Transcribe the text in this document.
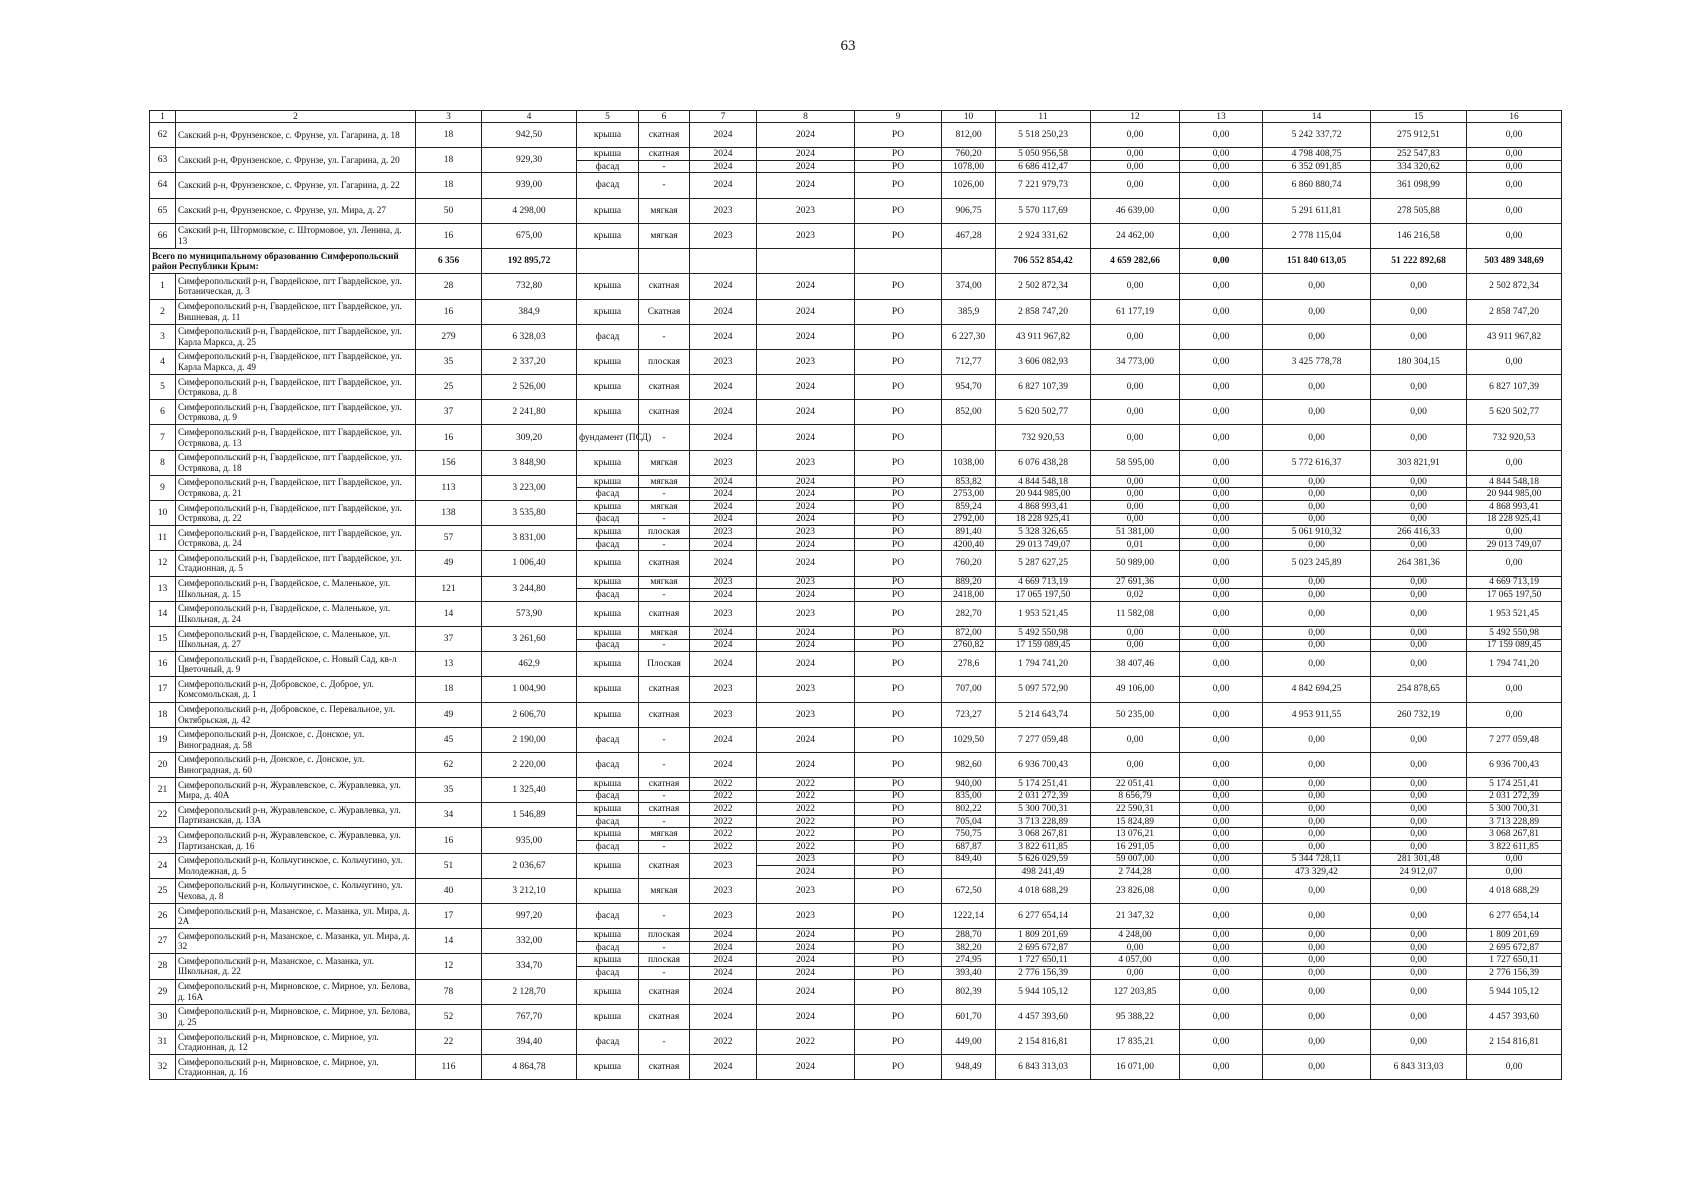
63
1	2	3	4	5	6	7	8	9	10	11	12	13	14	15	16
62	Сакский р-н, Фрунзенское, с. Фрунзе, ул. Гагарина, д. 18	18	942,50	крыша	скатная	2024	2024	РО	812,00	5 518 250,23	0,00	0,00	5 242 337,72	275 912,51	0,00
63	Сакский р-н, Фрунзенское, с. Фрунзе, ул. Гагарина, д. 20	18	929,30	крыша	скатная	2024	2024	РО	760,20	5 050 956,58	0,00	0,00	4 798 408,75	252 547,83	0,00
				фасад	-	2024	2024	РО	1078,00	6 686 412,47	0,00	0,00	6 352 091,85	334 320,62	0,00
64	Сакский р-н, Фрунзенское, с. Фрунзе, ул. Гагарина, д. 22	18	939,00	фасад	-	2024	2024	РО	1026,00	7 221 979,73	0,00	0,00	6 860 880,74	361 098,99	0,00
65	Сакский р-н, Фрунзенское, с. Фрунзе, ул. Мира, д. 27	50	4 298,00	крыша	мягкая	2023	2023	РО	906,75	5 570 117,69	46 639,00	0,00	5 291 611,81	278 505,88	0,00
66	Сакский р-н, Штормовское, с. Штормовое, ул. Ленина, д. 13	16	675,00	крыша	мягкая	2023	2023	РО	467,28	2 924 331,62	24 462,00	0,00	2 778 115,04	146 216,58	0,00
Всего по муниципальному образованию Симферопольский район Республики Крым:		6 356	192 895,72							706 552 854,42	4 659 282,66	0,00	151 840 613,05	51 222 892,68	503 489 348,69
1	Симферопольский р-н, Гвардейское, пгт Гвардейское, ул. Ботаническая, д. 3	28	732,80	крыша	скатная	2024	2024	РО	374,00	2 502 872,34	0,00	0,00	0,00	0,00	2 502 872,34
2	Симферопольский р-н, Гвардейское, пгт Гвардейское, ул. Вишневая, д. 11	16	384,9	крыша	Скатная	2024	2024	РО	385,9	2 858 747,20	61 177,19	0,00	0,00	0,00	2 858 747,20
3	Симферопольский р-н, Гвардейское, пгт Гвардейское, ул. Карла Маркса, д. 25	279	6 328,03	фасад	-	2024	2024	РО	6 227,30	43 911 967,82	0,00	0,00	0,00	0,00	43 911 967,82
4	Симферопольский р-н, Гвардейское, пгт Гвардейское, ул. Карла Маркса, д. 49	35	2 337,20	крыша	плоская	2023	2023	РО	712,77	3 606 082,93	34 773,00	0,00	3 425 778,78	180 304,15	0,00
5	Симферопольский р-н, Гвардейское, пгт Гвардейское, ул. Острякова, д. 8	25	2 526,00	крыша	скатная	2024	2024	РО	954,70	6 827 107,39	0,00	0,00	0,00	0,00	6 827 107,39
6	Симферопольский р-н, Гвардейское, пгт Гвардейское, ул. Острякова, д. 9	37	2 241,80	крыша	скатная	2024	2024	РО	852,00	5 620 502,77	0,00	0,00	0,00	0,00	5 620 502,77
7	Симферопольский р-н, Гвардейское, пгт Гвардейское, ул. Острякова, д. 13	16	309,20	фундамент (ПСД)	-	2024	2024	РО		732 920,53	0,00	0,00	0,00	0,00	732 920,53
8	Симферопольский р-н, Гвардейское, пгт Гвардейское, ул. Острякова, д. 18	156	3 848,90	крыша	мягкая	2023	2023	РО	1038,00	6 076 438,28	58 595,00	0,00	5 772 616,37	303 821,91	0,00
9	Симферопольский р-н, Гвардейское, пгт Гвардейское, ул. Острякова, д. 21	113	3 223,00	крыша	мягкая	2024	2024	РО	853,82	4 844 548,18	0,00	0,00	0,00	0,00	4 844 548,18
				фасад	-	2024	2024	РО	2753,00	20 944 985,00	0,00	0,00	0,00	0,00	20 944 985,00
10	Симферопольский р-н, Гвардейское, пгт Гвардейское, ул. Острякова, д. 22	138	3 535,80	крыша	мягкая	2024	2024	РО	859,24	4 868 993,41	0,00	0,00	0,00	0,00	4 868 993,41
				фасад	-	2024	2024	РО	2792,00	18 228 925,41	0,00	0,00	0,00	0,00	18 228 925,41
11	Симферопольский р-н, Гвардейское, пгт Гвардейское, ул. Острякова, д. 24	57	3 831,00	крыша	плоская	2023	2023	РО	891,40	5 328 326,65	51 381,00	0,00	5 061 910,32	266 416,33	0,00
				фасад	-	2024	2024	РО	4200,40	29 013 749,07	0,01	0,00	0,00	0,00	29 013 749,07
12	Симферопольский р-н, Гвардейское, пгт Гвардейское, ул. Стадионная, д. 5	49	1 006,40	крыша	скатная	2024	2024	РО	760,20	5 287 627,25	50 989,00	0,00	5 023 245,89	264 381,36	0,00
13	Симферопольский р-н, Гвардейское, с. Маленькое, ул. Школьная, д. 15	121	3 244,80	крыша	мягкая	2023	2023	РО	889,20	4 669 713,19	27 691,36	0,00	0,00	0,00	4 669 713,19
				фасад	-	2024	2024	РО	2418,00	17 065 197,50	0,02	0,00	0,00	0,00	17 065 197,50
14	Симферопольский р-н, Гвардейское, с. Маленькое, ул. Школьная, д. 24	14	573,90	крыша	скатная	2023	2023	РО	282,70	1 953 521,45	11 582,08	0,00	0,00	0,00	1 953 521,45
15	Симферопольский р-н, Гвардейское, с. Маленькое, ул. Школьная, д. 27	37	3 261,60	крыша	мягкая	2024	2024	РО	872,00	5 492 550,98	0,00	0,00	0,00	0,00	5 492 550,98
				фасад	-	2024	2024	РО	2760,82	17 159 089,45	0,00	0,00	0,00	0,00	17 159 089,45
16	Симферопольский р-н, Гвардейское, с. Новый Сад, кв-л Цветочный, д. 9	13	462,9	крыша	Плоская	2024	2024	РО	278,6	1 794 741,20	38 407,46	0,00	0,00	0,00	1 794 741,20
17	Симферопольский р-н, Добровское, с. Доброе, ул. Комсомольская, д. 1	18	1 004,90	крыша	скатная	2023	2023	РО	707,00	5 097 572,90	49 106,00	0,00	4 842 694,25	254 878,65	0,00
18	Симферопольский р-н, Добровское, с. Перевальное, ул. Октябрьская, д. 42	49	2 606,70	крыша	скатная	2023	2023	РО	723,27	5 214 643,74	50 235,00	0,00	4 953 911,55	260 732,19	0,00
19	Симферопольский р-н, Донское, с. Донское, ул. Виноградная, д. 58	45	2 190,00	фасад	-	2024	2024	РО	1029,50	7 277 059,48	0,00	0,00	0,00	0,00	7 277 059,48
20	Симферопольский р-н, Донское, с. Донское, ул. Виноградная, д. 60	62	2 220,00	фасад	-	2024	2024	РО	982,60	6 936 700,43	0,00	0,00	0,00	0,00	6 936 700,43
21	Симферопольский р-н, Журавлевское, с. Журавлевка, ул. Мира, д. 40А	35	1 325,40	крыша	скатная	2022	2022	РО	940,00	5 174 251,41	22 051,41	0,00	0,00	0,00	5 174 251,41
				фасад	-	2022	2022	РО	835,00	2 031 272,39	8 656,79	0,00	0,00	0,00	2 031 272,39
22	Симферопольский р-н, Журавлевское, с. Журавлевка, ул. Партизанская, д. 13А	34	1 546,89	крыша	скатная	2022	2022	РО	802,22	5 300 700,31	22 590,31	0,00	0,00	0,00	5 300 700,31
				фасад	-	2022	2022	РО	705,04	3 713 228,89	15 824,89	0,00	0,00	0,00	3 713 228,89
23	Симферопольский р-н, Журавлевское, с. Журавлевка, ул. Партизанская, д. 16	16	935,00	крыша	мягкая	2022	2022	РО	750,75	3 068 267,81	13 076,21	0,00	0,00	0,00	3 068 267,81
				фасад	-	2022	2022	РО	687,87	3 822 611,85	16 291,05	0,00	0,00	0,00	3 822 611,85
24	Симферопольский р-н, Кольчугинское, с. Кольчугино, ул. Молодежная, д. 5	51	2 036,67	крыша	скатная	2023	2023	РО	849,40	5 626 029,59	59 007,00	0,00	5 344 728,11	281 301,48	0,00
							2024	РО		498 241,49	2 744,28	0,00	473 329,42	24 912,07	0,00
25	Симферопольский р-н, Кольчугинское, с. Кольчугино, ул. Чехова, д. 8	40	3 212,10	крыша	мягкая	2023	2023	РО	672,50	4 018 688,29	23 826,08	0,00	0,00	0,00	4 018 688,29
26	Симферопольский р-н, Мазанское, с. Мазанка, ул. Мира, д. 2А	17	997,20	фасад	-	2023	2023	РО	1222,14	6 277 654,14	21 347,32	0,00	0,00	0,00	6 277 654,14
27	Симферопольский р-н, Мазанское, с. Мазанка, ул. Мира, д. 32	14	332,00	крыша	плоская	2024	2024	РО	288,70	1 809 201,69	4 248,00	0,00	0,00	0,00	1 809 201,69
				фасад	-	2024	2024	РО	382,20	2 695 672,87	0,00	0,00	0,00	0,00	2 695 672,87
28	Симферопольский р-н, Мазанское, с. Мазанка, ул. Школьная, д. 22	12	334,70	крыша	плоская	2024	2024	РО	274,95	1 727 650,11	4 057,00	0,00	0,00	0,00	1 727 650,11
				фасад	-	2024	2024	РО	393,40	2 776 156,39	0,00	0,00	0,00	0,00	2 776 156,39
29	Симферопольский р-н, Мирновское, с. Мирное, ул. Белова, д. 16А	78	2 128,70	крыша	скатная	2024	2024	РО	802,39	5 944 105,12	127 203,85	0,00	0,00	0,00	5 944 105,12
30	Симферопольский р-н, Мирновское, с. Мирное, ул. Белова, д. 25	52	767,70	крыша	скатная	2024	2024	РО	601,70	4 457 393,60	95 388,22	0,00	0,00	0,00	4 457 393,60
31	Симферопольский р-н, Мирновское, с. Мирное, ул. Стадионная, д. 12	22	394,40	фасад	-	2022	2022	РО	449,00	2 154 816,81	17 835,21	0,00	0,00	0,00	2 154 816,81
32	Симферопольский р-н, Мирновское, с. Мирное, ул. Стадионная, д. 16	116	4 864,78	крыша	скатная	2024	2024	РО	948,49	6 843 313,03	16 071,00	0,00	0,00	6 843 313,03	0,00
